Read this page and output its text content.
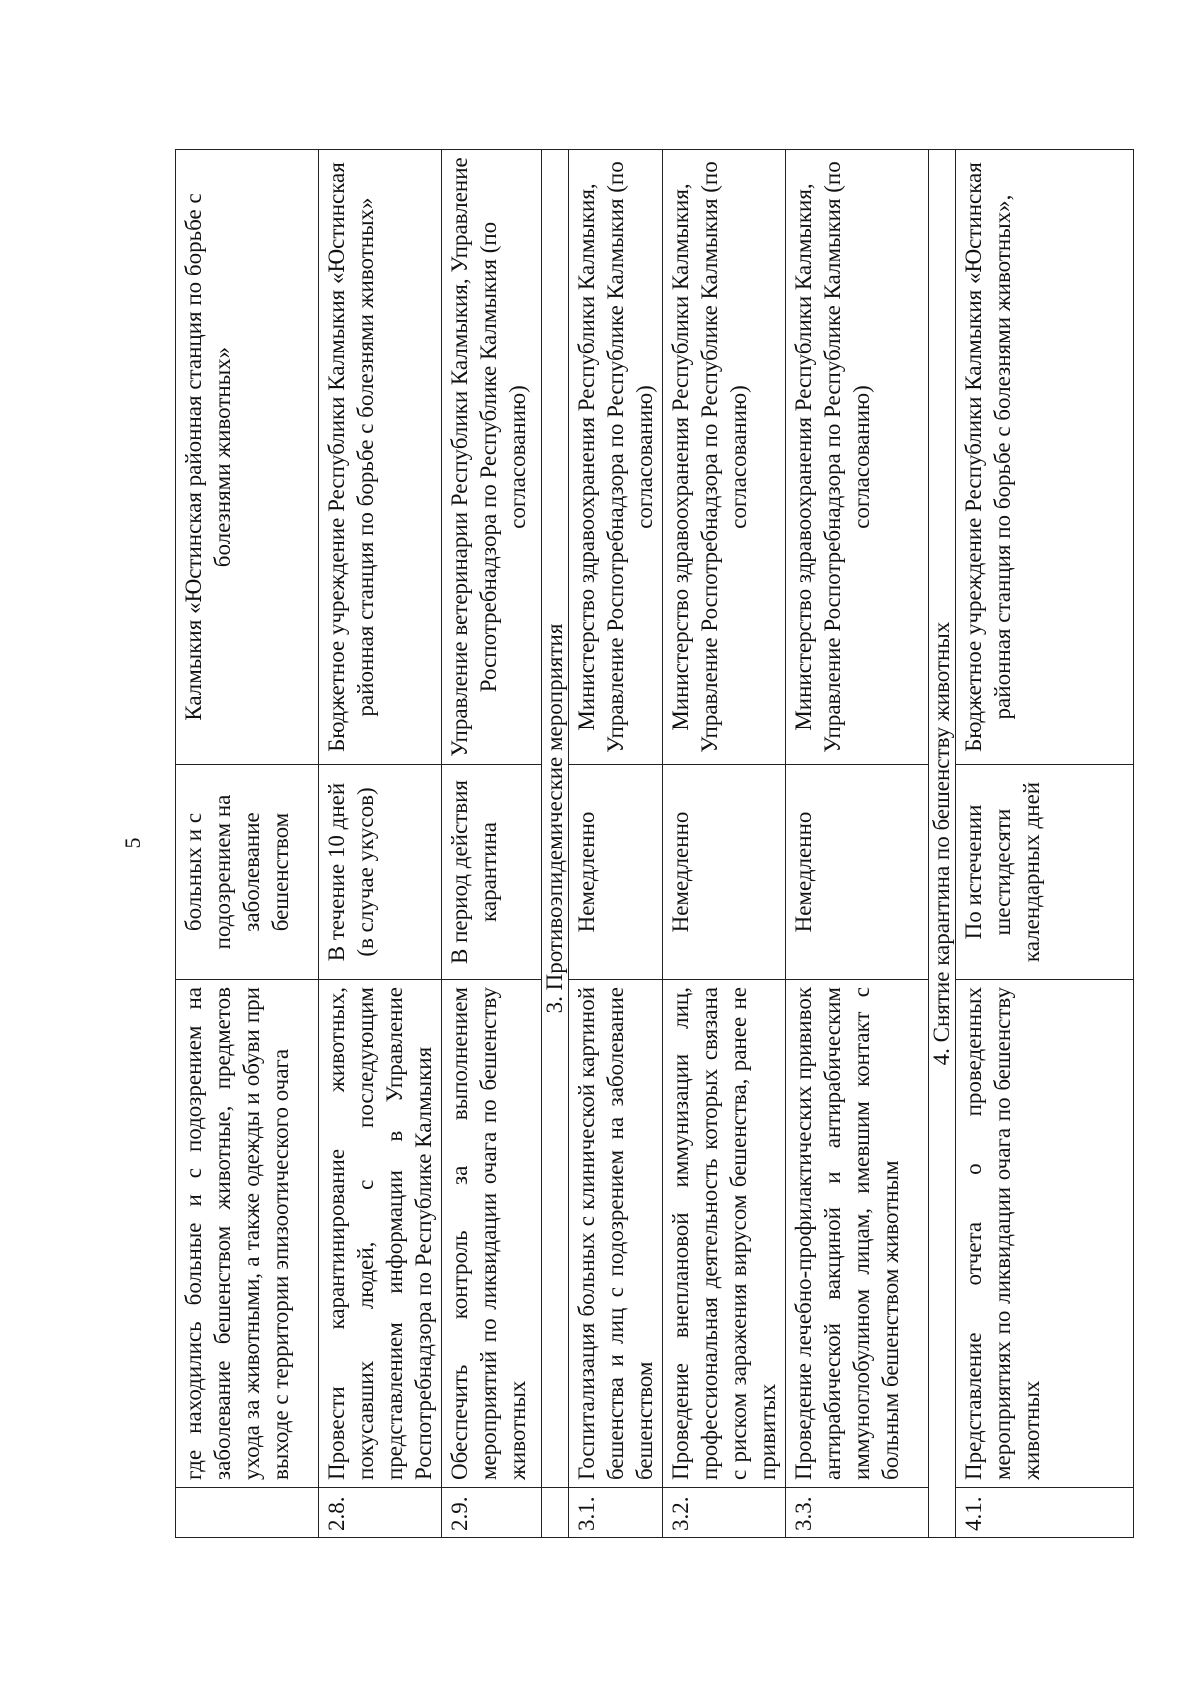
5
	где находились больные и с подозрением на заболевание бешенством животные, предметов ухода за животными, а также одежды и обуви при выходе с территории эпизоотического очага	больных и с подозрением на заболевание бешенством	Калмыкия «Юстинская районная станция по борьбе с болезнями животных»
2.8.	Провести карантинирование животных, покусавших людей, с последующим представлением информации в Управление Роспотребнадзора по Республике Калмыкия	В течение 10 дней (в случае укусов)	Бюджетное учреждение Республики Калмыкия «Юстинская районная станция по борьбе с болезнями животных»
2.9.	Обеспечить контроль за выполнением мероприятий по ликвидации очага по бешенству животных	В период действия карантина	Управление ветеринарии Республики Калмыкия, Управление Роспотребнадзора по Республике Калмыкия (по согласованию)
	3. Противоэпидемические мероприятия		
3.1.	Госпитализация больных с клинической картиной бешенства и лиц с подозрением на заболевание бешенством	Немедленно	Министерство здравоохранения Республики Калмыкия, Управление Роспотребнадзора по Республике Калмыкия (по согласованию)
3.2.	Проведение внеплановой иммунизации лиц, профессиональная деятельность которых связана с риском заражения вирусом бешенства, ранее не привитых	Немедленно	Министерство здравоохранения Республики Калмыкия, Управление Роспотребнадзора по Республике Калмыкия (по согласованию)
3.3.	Проведение лечебно-профилактических прививок антирабической вакциной и антирабическим иммуноглобулином лицам, имевшим контакт с больным бешенством животным	Немедленно	Министерство здравоохранения Республики Калмыкия, Управление Роспотребнадзора по Республике Калмыкия (по согласованию)
4. Снятие карантина по бешенству животных			
4.1.	Представление отчета о проведенных мероприятиях по ликвидации очага по бешенству животных	По истечении шестидесяти календарных дней	Бюджетное учреждение Республики Калмыкия «Юстинская районная станция по борьбе с болезнями животных»,
